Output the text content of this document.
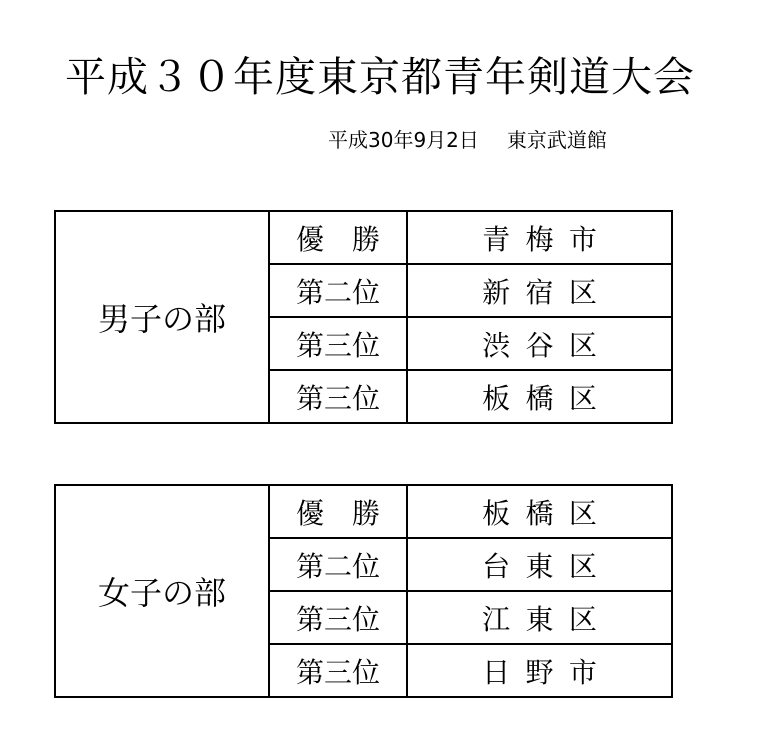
平成３０年度東京都青年剣道大会
平成30年9月2日 東京武道館
男子の部	優　勝	青梅市
	第二位	新宿区
	第三位	渋谷区
	第三位	板橋区
女子の部	優　勝	板橋区
	第二位	台東区
	第三位	江東区
	第三位	日野市
